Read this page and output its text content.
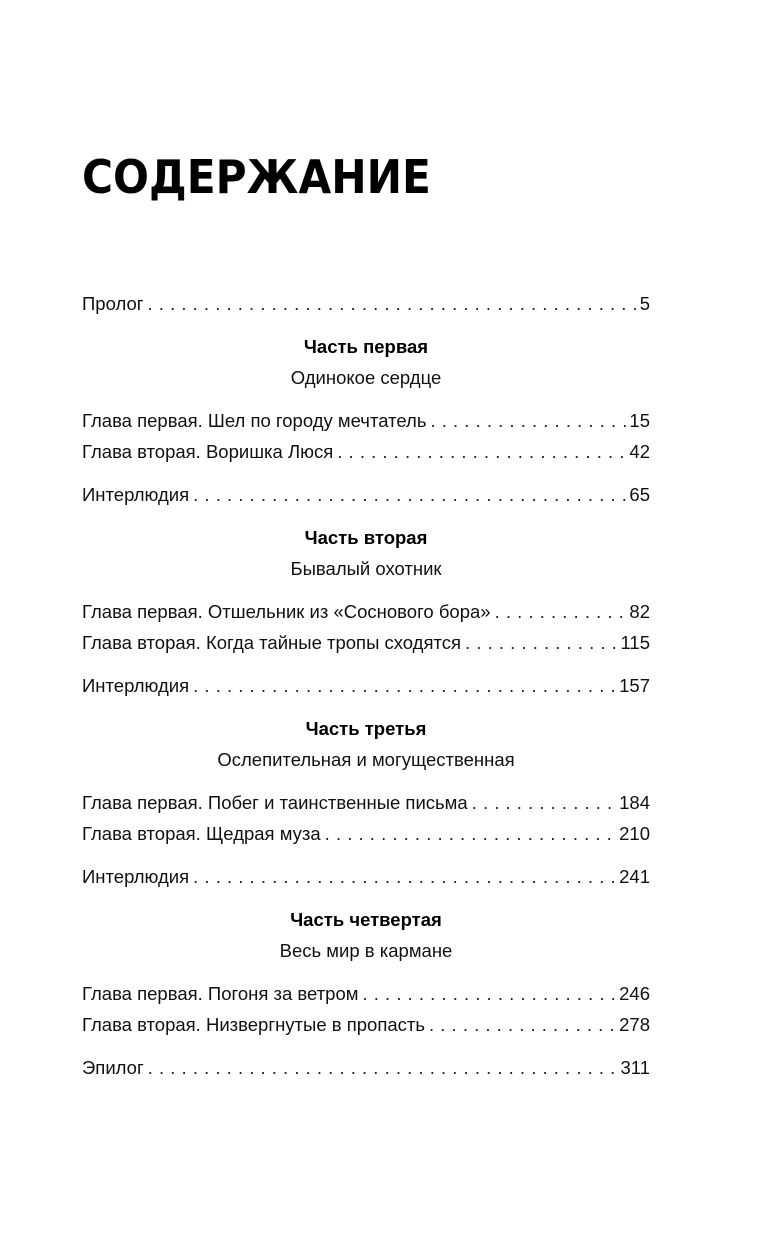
СОДЕРЖАНИЕ
Пролог . . .	5
Часть первая
Одинокое сердце
Глава первая. Шел по городу мечтатель . . .	15
Глава вторая. Воришка Люся . . .	42
Интерлюдия . . .	65
Часть вторая
Бывалый охотник
Глава первая. Отшельник из «Соснового бора» . . .	82
Глава вторая. Когда тайные тропы сходятся . . .	115
Интерлюдия . . .	157
Часть третья
Ослепительная и могущественная
Глава первая. Побег и таинственные письма . . .	184
Глава вторая. Щедрая муза . . .	210
Интерлюдия . . .	241
Часть четвертая
Весь мир в кармане
Глава первая. Погоня за ветром . . .	246
Глава вторая. Низвергнутые в пропасть . . .	278
Эпилог . . .	311
